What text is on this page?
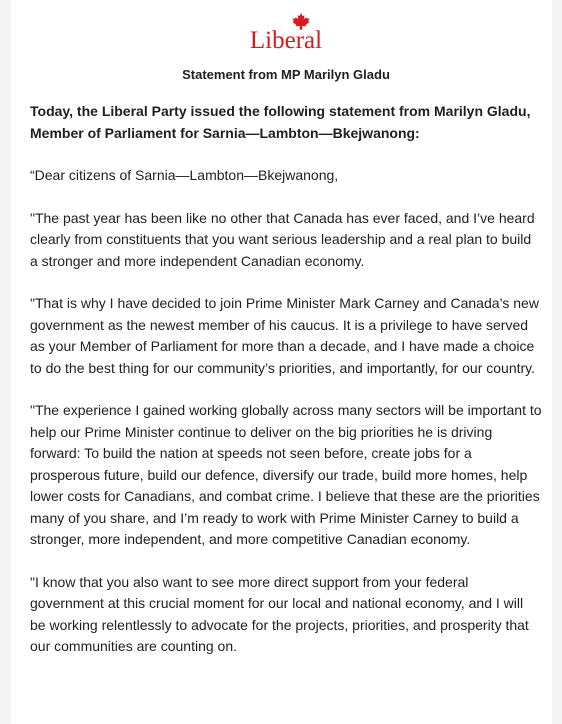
Liberal

Statement from MP Marilyn Gladu

Today, the Liberal Party issued the following statement from Marilyn Gladu, Member of Parliament for Sarnia—Lambton—Bkejwanong:

“Dear citizens of Sarnia—Lambton—Bkejwanong,

"The past year has been like no other that Canada has ever faced, and I’ve heard clearly from constituents that you want serious leadership and a real plan to build a stronger and more independent Canadian economy.

"That is why I have decided to join Prime Minister Mark Carney and Canada’s new government as the newest member of his caucus. It is a privilege to have served as your Member of Parliament for more than a decade, and I have made a choice to do the best thing for our community’s priorities, and importantly, for our country.

"The experience I gained working globally across many sectors will be important to help our Prime Minister continue to deliver on the big priorities he is driving forward: To build the nation at speeds not seen before, create jobs for a prosperous future, build our defence, diversify our trade, build more homes, help lower costs for Canadians, and combat crime. I believe that these are the priorities many of you share, and I’m ready to work with Prime Minister Carney to build a stronger, more independent, and more competitive Canadian economy.

"I know that you also want to see more direct support from your federal government at this crucial moment for our local and national economy, and I will be working relentlessly to advocate for the projects, priorities, and prosperity that our communities are counting on.
